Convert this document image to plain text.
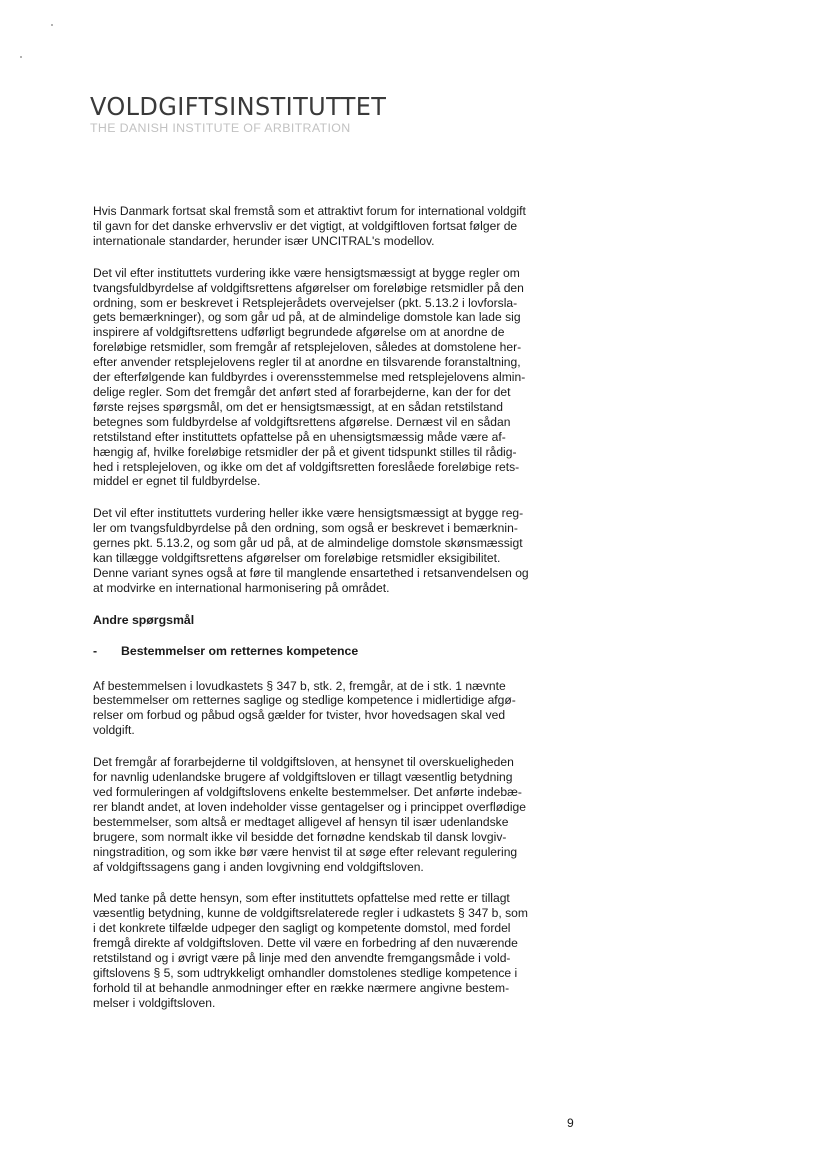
VOLDGIFTSINSTITUTTET
THE DANISH INSTITUTE OF ARBITRATION
Hvis Danmark fortsat skal fremstå som et attraktivt forum for international voldgift
til gavn for det danske erhvervsliv er det vigtigt, at voldgiftloven fortsat følger de
internationale standarder, herunder især UNCITRAL's modellov.
Det vil efter instituttets vurdering ikke være hensigtsmæssigt at bygge regler om
tvangsfuldbyrdelse af voldgiftsrettens afgørelser om foreløbige retsmidler på den
ordning, som er beskrevet i Retsplejerådets overvejelser (pkt. 5.13.2 i lovforsla-
gets bemærkninger), og som går ud på, at de almindelige domstole kan lade sig
inspirere af voldgiftsrettens udførligt begrundede afgørelse om at anordne de
foreløbige retsmidler, som fremgår af retsplejeloven, således at domstolene her-
efter anvender retsplejelovens regler til at anordne en tilsvarende foranstaltning,
der efterfølgende kan fuldbyrdes i overensstemmelse med retsplejelovens almin-
delige regler. Som det fremgår det anført sted af forarbejderne, kan der for det
første rejses spørgsmål, om det er hensigtsmæssigt, at en sådan retstilstand
betegnes som fuldbyrdelse af voldgiftsrettens afgørelse. Dernæst vil en sådan
retstilstand efter instituttets opfattelse på en uhensigtsmæssig måde være af-
hængig af, hvilke foreløbige retsmidler der på et givent tidspunkt stilles til rådig-
hed i retsplejeloven, og ikke om det af voldgiftsretten foreslåede foreløbige rets-
middel er egnet til fuldbyrdelse.
Det vil efter instituttets vurdering heller ikke være hensigtsmæssigt at bygge reg-
ler om tvangsfuldbyrdelse på den ordning, som også er beskrevet i bemærknin-
gernes pkt. 5.13.2, og som går ud på, at de almindelige domstole skønsmæssigt
kan tillægge voldgiftsrettens afgørelser om foreløbige retsmidler eksigibilitet.
Denne variant synes også at føre til manglende ensartethed i retsanvendelsen og
at modvirke en international harmonisering på området.
Andre spørgsmål
- Bestemmelser om retternes kompetence
Af bestemmelsen i lovudkastets § 347 b, stk. 2, fremgår, at de i stk. 1 nævnte
bestemmelser om retternes saglige og stedlige kompetence i midlertidige afgø-
relser om forbud og påbud også gælder for tvister, hvor hovedsagen skal ved
voldgift.
Det fremgår af forarbejderne til voldgiftsloven, at hensynet til overskueligheden
for navnlig udenlandske brugere af voldgiftsloven er tillagt væsentlig betydning
ved formuleringen af voldgiftslovens enkelte bestemmelser. Det anførte indebæ-
rer blandt andet, at loven indeholder visse gentagelser og i princippet overflødige
bestemmelser, som altså er medtaget alligevel af hensyn til især udenlandske
brugere, som normalt ikke vil besidde det fornødne kendskab til dansk lovgiv-
ningstradition, og som ikke bør være henvist til at søge efter relevant regulering
af voldgiftssagens gang i anden lovgivning end voldgiftsloven.
Med tanke på dette hensyn, som efter instituttets opfattelse med rette er tillagt
væsentlig betydning, kunne de voldgiftsrelaterede regler i udkastets § 347 b, som
i det konkrete tilfælde udpeger den sagligt og kompetente domstol, med fordel
fremgå direkte af voldgiftsloven. Dette vil være en forbedring af den nuværende
retstilstand og i øvrigt være på linje med den anvendte fremgangsmåde i vold-
giftslovens § 5, som udtrykkeligt omhandler domstolenes stedlige kompetence i
forhold til at behandle anmodninger efter en række nærmere angivne bestem-
melser i voldgiftsloven.
9
